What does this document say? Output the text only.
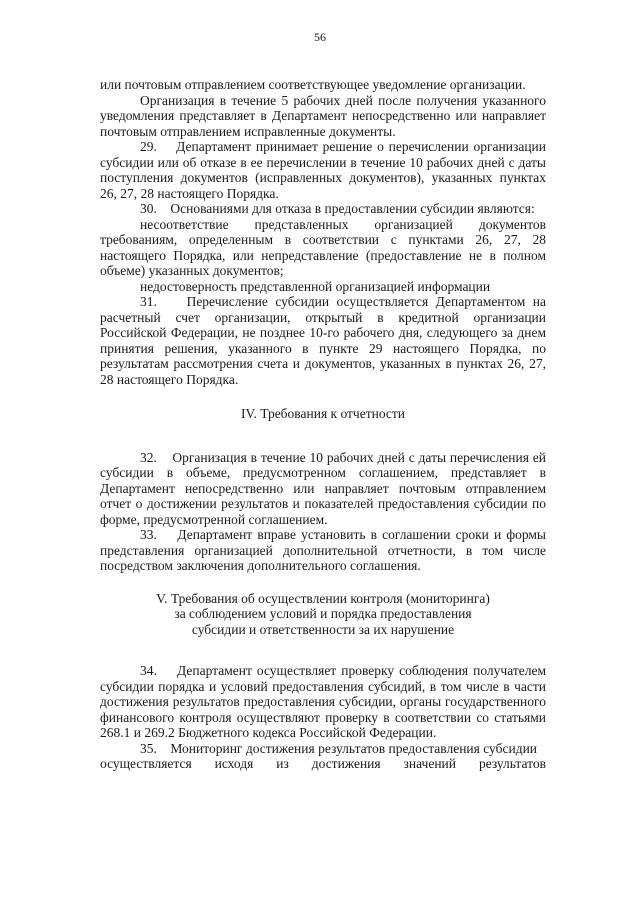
56

или почтовым отправлением соответствующее уведомление организации.

Организация в течение 5 рабочих дней после получения указанного уведомления представляет в Департамент непосредственно или направляет почтовым отправлением исправленные документы.

29.    Департамент принимает решение о перечислении организации субсидии или об отказе в ее перечислении в течение 10 рабочих дней с даты поступления документов (исправленных документов), указанных пунктах 26, 27, 28 настоящего Порядка.

30.    Основаниями для отказа в предоставлении субсидии являются:

несоответствие представленных организацией документов требованиям, определенным в соответствии с пунктами 26, 27, 28 настоящего Порядка, или непредставление (предоставление не в полном объеме) указанных документов;

недостоверность представленной организацией информации

31.    Перечисление субсидии осуществляется Департаментом на расчетный счет организации, открытый в кредитной организации Российской Федерации, не позднее 10-го рабочего дня, следующего за днем принятия решения, указанного в пункте 29 настоящего Порядка, по результатам рассмотрения счета и документов, указанных в пунктах 26, 27, 28 настоящего Порядка.

IV. Требования к отчетности

32.    Организация в течение 10 рабочих дней с даты перечисления ей субсидии в объеме, предусмотренном соглашением, представляет в Департамент непосредственно или направляет почтовым отправлением отчет о достижении результатов и показателей предоставления субсидии по форме, предусмотренной соглашением.

33.    Департамент вправе установить в соглашении сроки и формы представления организацией дополнительной отчетности, в том числе посредством заключения дополнительного соглашения.

V. Требования об осуществлении контроля (мониторинга)

за соблюдением условий и порядка предоставления

субсидии и ответственности за их нарушение

34.    Департамент осуществляет проверку соблюдения получателем субсидии порядка и условий предоставления субсидий, в том числе в части достижения результатов предоставления субсидии, органы государственного финансового контроля осуществляют проверку в соответствии со статьями 268.1 и 269.2 Бюджетного кодекса Российской Федерации.

35.    Мониторинг достижения результатов предоставления субсидии

осуществляется исходя из достижения значений результатов
